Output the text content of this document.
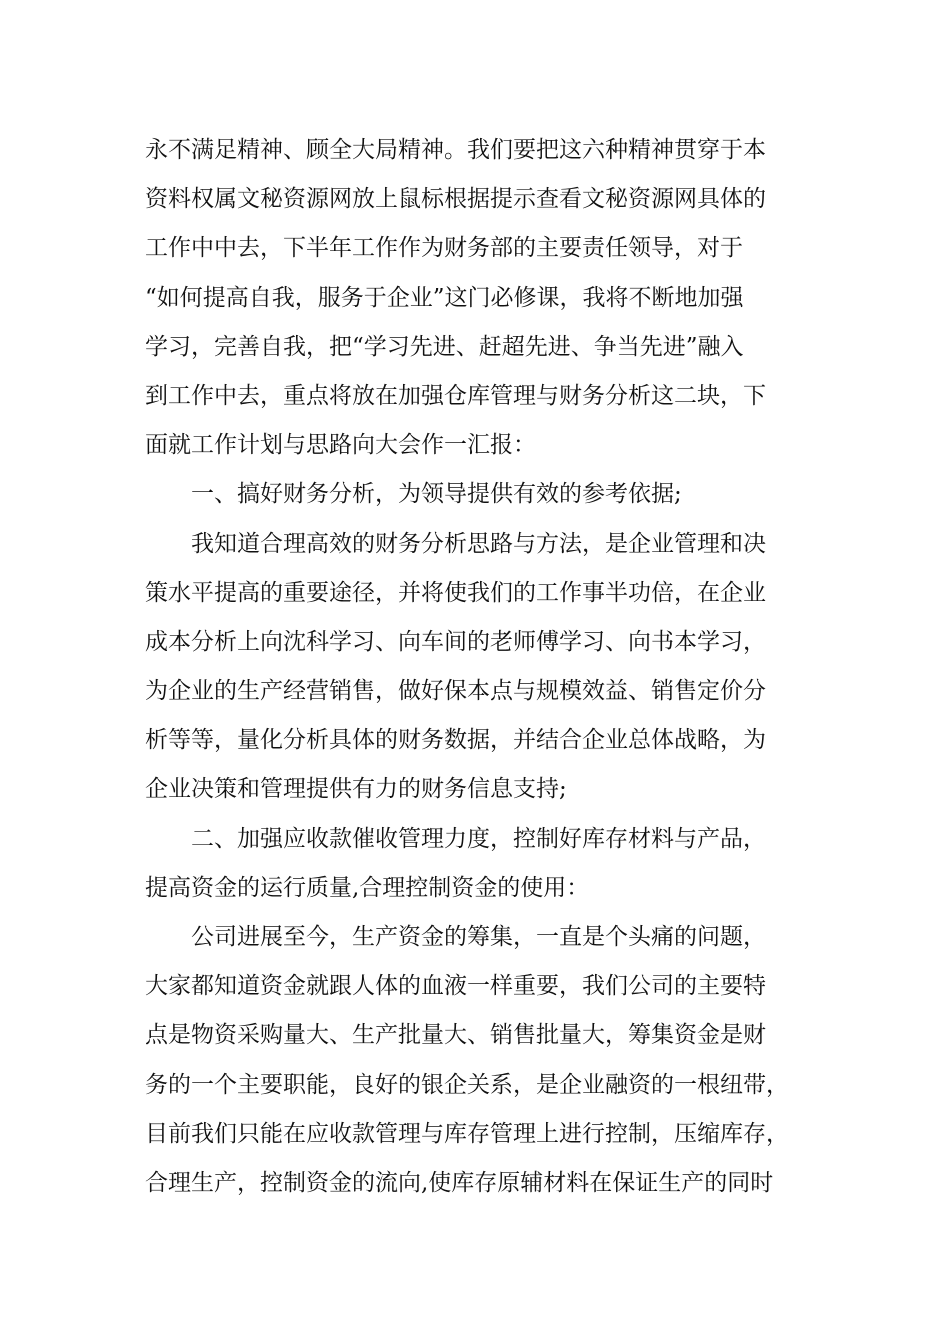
永不满足精神、顾全大局精神。我们要把这六种精神贯穿于本
资料权属文秘资源网放上鼠标根据提示查看文秘资源网具体的
工作中中去，下半年工作作为财务部的主要责任领导，对于
“如何提高自我，服务于企业”这门必修课，我将不断地加强
学习，完善自我，把“学习先进、赶超先进、争当先进”融入
到工作中去，重点将放在加强仓库管理与财务分析这二块，下
面就工作计划与思路向大会作一汇报：
一、搞好财务分析，为领导提供有效的参考依据;
我知道合理高效的财务分析思路与方法，是企业管理和决
策水平提高的重要途径，并将使我们的工作事半功倍，在企业
成本分析上向沈科学习、向车间的老师傅学习、向书本学习，
为企业的生产经营销售，做好保本点与规模效益、销售定价分
析等等，量化分析具体的财务数据，并结合企业总体战略，为
企业决策和管理提供有力的财务信息支持;
二、加强应收款催收管理力度，控制好库存材料与产品，
提高资金的运行质量,合理控制资金的使用：
公司进展至今，生产资金的筹集，一直是个头痛的问题，
大家都知道资金就跟人体的血液一样重要，我们公司的主要特
点是物资采购量大、生产批量大、销售批量大，筹集资金是财
务的一个主要职能，良好的银企关系，是企业融资的一根纽带，
目前我们只能在应收款管理与库存管理上进行控制，压缩库存，
合理生产，控制资金的流向,使库存原辅材料在保证生产的同时
